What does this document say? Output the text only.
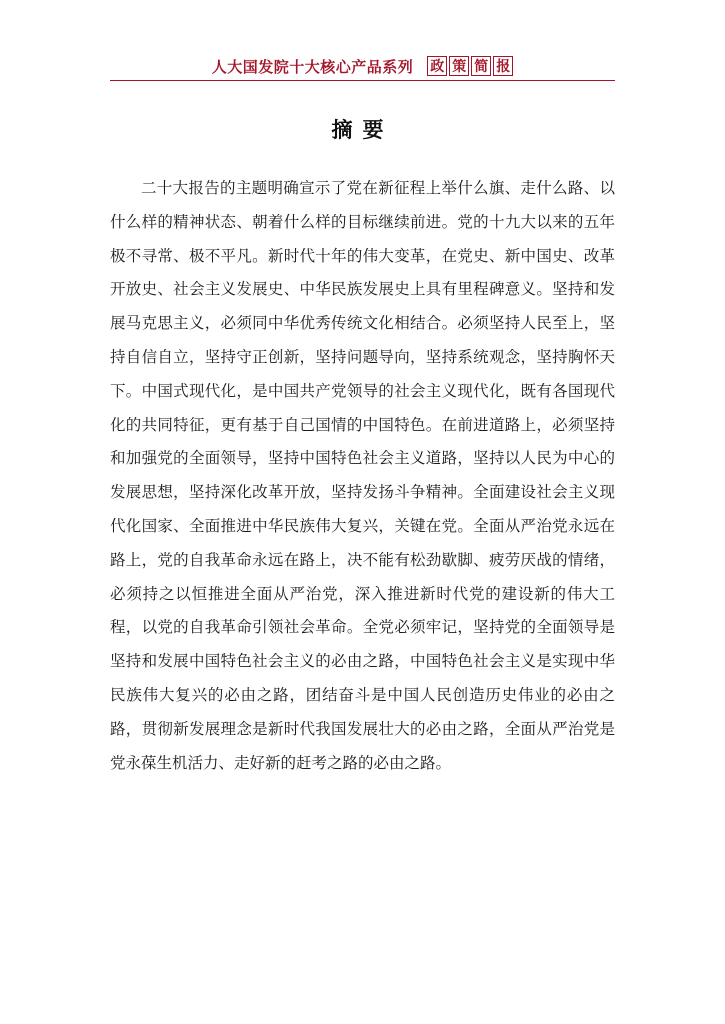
人大国发院十大核心产品系列 政 策 简 报
摘要

二十大报告的主题明确宣示了党在新征程上举什么旗、走什么路、以什么样的精神状态、朝着什么样的目标继续前进。党的十九大以来的五年极不寻常、极不平凡。新时代十年的伟大变革，在党史、新中国史、改革开放史、社会主义发展史、中华民族发展史上具有里程碑意义。坚持和发展马克思主义，必须同中华优秀传统文化相结合。必须坚持人民至上，坚持自信自立，坚持守正创新，坚持问题导向，坚持系统观念，坚持胸怀天下。中国式现代化，是中国共产党领导的社会主义现代化，既有各国现代化的共同特征，更有基于自己国情的中国特色。在前进道路上，必须坚持和加强党的全面领导，坚持中国特色社会主义道路，坚持以人民为中心的发展思想，坚持深化改革开放，坚持发扬斗争精神。全面建设社会主义现代化国家、全面推进中华民族伟大复兴，关键在党。全面从严治党永远在路上，党的自我革命永远在路上，决不能有松劲歇脚、疲劳厌战的情绪，必须持之以恒推进全面从严治党，深入推进新时代党的建设新的伟大工程，以党的自我革命引领社会革命。全党必须牢记，坚持党的全面领导是坚持和发展中国特色社会主义的必由之路，中国特色社会主义是实现中华民族伟大复兴的必由之路，团结奋斗是中国人民创造历史伟业的必由之路，贯彻新发展理念是新时代我国发展壮大的必由之路，全面从严治党是党永葆生机活力、走好新的赶考之路的必由之路。
